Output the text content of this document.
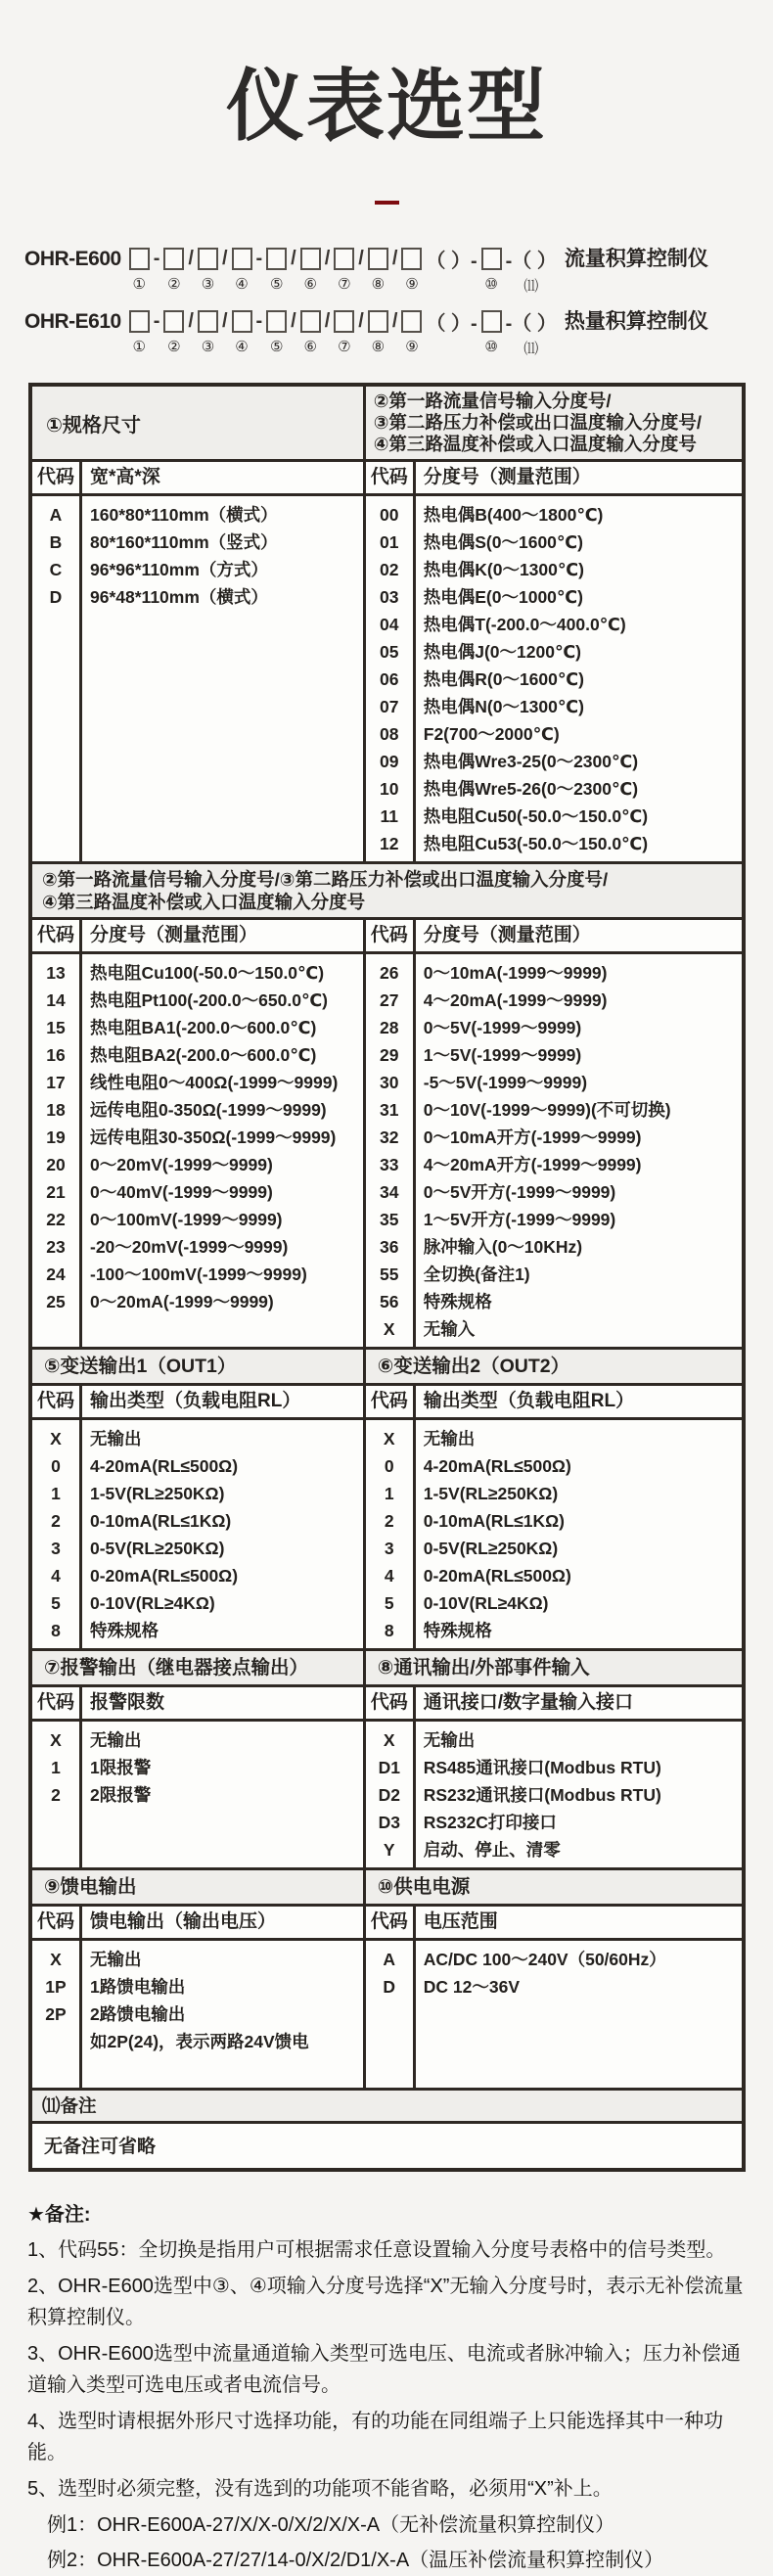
仪表选型
OHR-E600
①
-
②
/
③
/
④
-
⑤
/
⑥
/
⑦
/
⑧
/
⑨
（ ）-
⑩
-（ ）
⑾
流量积算控制仪
OHR-E610
①
-
②
/
③
/
④
-
⑤
/
⑥
/
⑦
/
⑧
/
⑨
（ ）-
⑩
-（ ）
⑾
热量积算控制仪
①规格尺寸
②第一路流量信号输入分度号/
③第二路压力补偿或出口温度输入分度号/
④第三路温度补偿或入口温度输入分度号
代码 宽*高*深
A	160*80*110mm（横式）
B	80*160*110mm（竖式）
C	96*96*110mm（方式）
D	96*48*110mm（横式）
代码 分度号（测量范围）
00	热电偶B(400～1800℃)
01	热电偶S(0～1600℃)
02	热电偶K(0～1300℃)
03	热电偶E(0～1000℃)
04	热电偶T(-200.0～400.0℃)
05	热电偶J(0～1200℃)
06	热电偶R(0～1600℃)
07	热电偶N(0～1300℃)
08	F2(700～2000℃)
09	热电偶Wre3-25(0～2300℃)
10	热电偶Wre5-26(0～2300℃)
11	热电阻Cu50(-50.0～150.0℃)
12	热电阻Cu53(-50.0～150.0℃)
②第一路流量信号输入分度号/③第二路压力补偿或出口温度输入分度号/
④第三路温度补偿或入口温度输入分度号
代码 分度号（测量范围）
13	热电阻Cu100(-50.0～150.0℃)
14	热电阻Pt100(-200.0～650.0℃)
15	热电阻BA1(-200.0～600.0℃)
16	热电阻BA2(-200.0～600.0℃)
17	线性电阻0～400Ω(-1999～9999)
18	远传电阻0-350Ω(-1999～9999)
19	远传电阻30-350Ω(-1999～9999)
20	0～20mV(-1999～9999)
21	0～40mV(-1999～9999)
22	0～100mV(-1999～9999)
23	-20～20mV(-1999～9999)
24	-100～100mV(-1999～9999)
25	0～20mA(-1999～9999)
代码 分度号（测量范围）
26	0～10mA(-1999～9999)
27	4～20mA(-1999～9999)
28	0～5V(-1999～9999)
29	1～5V(-1999～9999)
30	-5～5V(-1999～9999)
31	0～10V(-1999～9999)(不可切换)
32	0～10mA开方(-1999～9999)
33	4～20mA开方(-1999～9999)
34	0～5V开方(-1999～9999)
35	1～5V开方(-1999～9999)
36	脉冲输入(0～10KHz)
55	全切换(备注1)
56	特殊规格
X	无输入
⑤变送输出1（OUT1）	⑥变送输出2（OUT2）
代码 输出类型（负载电阻RL）
X	无输出
0	4-20mA(RL≤500Ω)
1	1-5V(RL≥250KΩ)
2	0-10mA(RL≤1KΩ)
3	0-5V(RL≥250KΩ)
4	0-20mA(RL≤500Ω)
5	0-10V(RL≥4KΩ)
8	特殊规格
代码 输出类型（负载电阻RL）
X	无输出
0	4-20mA(RL≤500Ω)
1	1-5V(RL≥250KΩ)
2	0-10mA(RL≤1KΩ)
3	0-5V(RL≥250KΩ)
4	0-20mA(RL≤500Ω)
5	0-10V(RL≥4KΩ)
8	特殊规格
⑦报警输出（继电器接点输出）	⑧通讯输出/外部事件输入
代码 报警限数
X	无输出
1	1限报警
2	2限报警
代码 通讯接口/数字量输入接口
X	无输出
D1	RS485通讯接口(Modbus RTU)
D2	RS232通讯接口(Modbus RTU)
D3	RS232C打印接口
Y	启动、停止、清零
⑨馈电输出	⑩供电电源
代码 馈电输出（输出电压）
X	无输出
1P	1路馈电输出
2P	2路馈电输出
如2P(24)，表示两路24V馈电
代码 电压范围
A	AC/DC 100～240V（50/60Hz）
D	DC 12～36V
⑾备注
无备注可省略

★备注:

1、代码55：全切换是指用户可根据需求任意设置输入分度号表格中的信号类型。

2、OHR-E600选型中③、④项输入分度号选择“X”无输入分度号时，表示无补偿流量积算控制仪。

3、OHR-E600选型中流量通道输入类型可选电压、电流或者脉冲输入；压力补偿通道输入类型可选电压或者电流信号。

4、选型时请根据外形尺寸选择功能，有的功能在同组端子上只能选择其中一种功能。

5、选型时必须完整，没有选到的功能项不能省略，必须用“X”补上。

例1：OHR-E600A-27/X/X-0/X/2/X/X-A（无补偿流量积算控制仪）

例2：OHR-E600A-27/27/14-0/X/2/D1/X-A（温压补偿流量积算控制仪）
